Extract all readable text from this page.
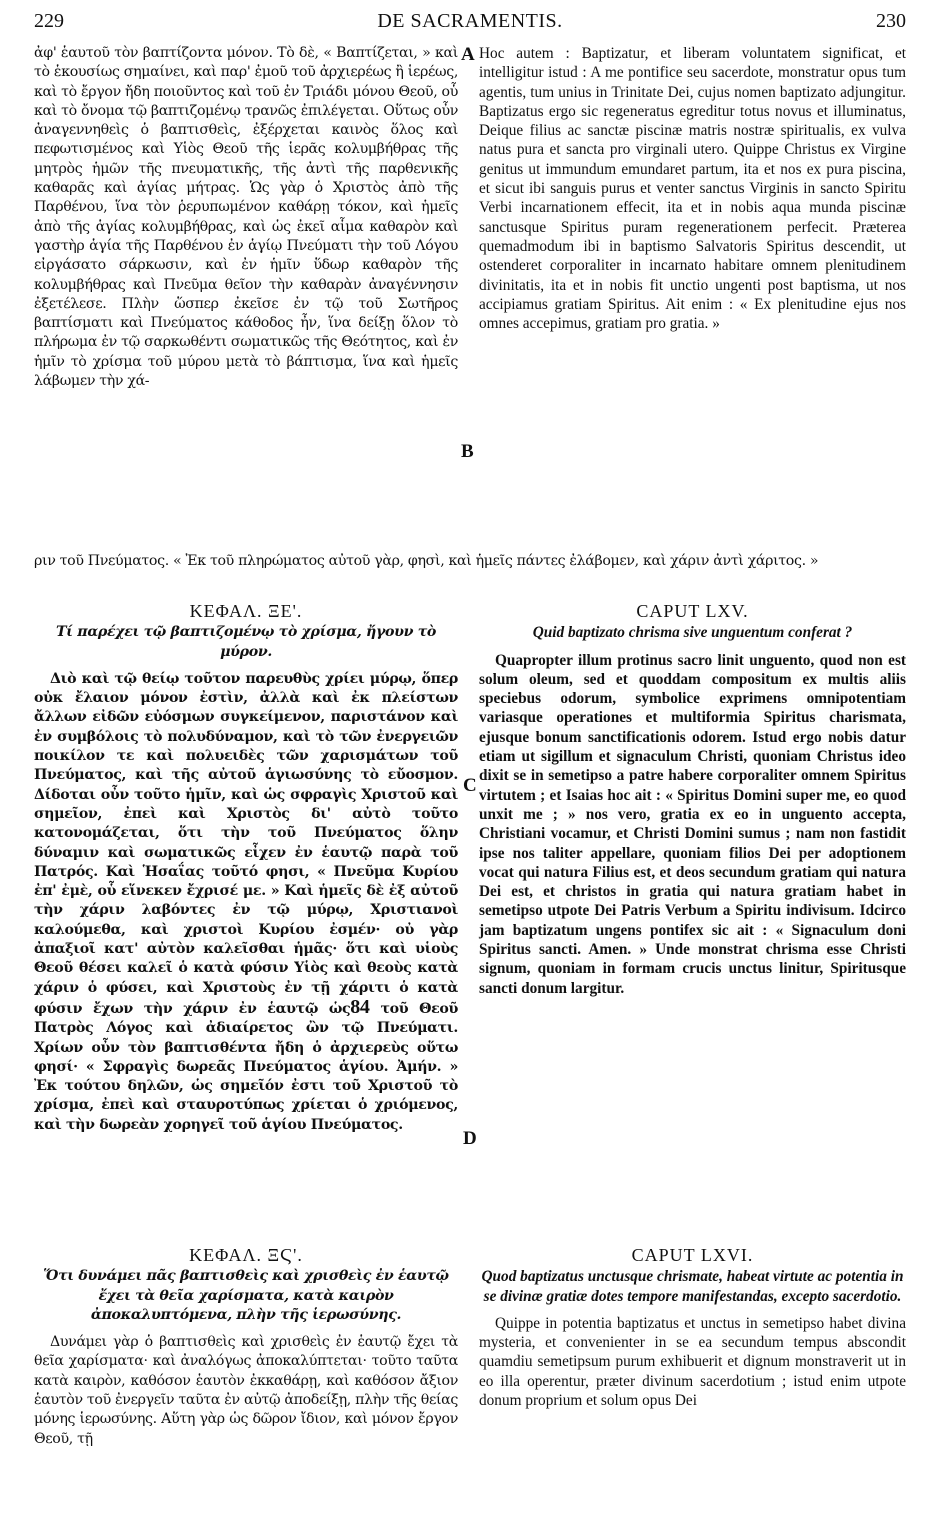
229	DE SACRAMENTIS.	230

ἀφ' ἑαυτοῦ τὸν βαπτίζοντα μόνον. Τὸ δὲ, « Βαπτίζεται, » καὶ τὸ ἑκουσίως σημαίνει, καὶ παρ' ἐμοῦ τοῦ ἀρχιερέως ἢ ἱερέως, καὶ τὸ ἔργον ἤδη ποιοῦντος καὶ τοῦ ἐν Τριάδι μόνου Θεοῦ, οὗ καὶ τὸ ὄνομα τῷ βαπτιζομένῳ τρανῶς ἐπιλέγεται. Οὕτως οὖν ἀναγεννηθεὶς ὁ βαπτισθεὶς, ἐξέρχεται καινὸς ὅλος καὶ πεφωτισμένος καὶ Υἱὸς Θεοῦ τῆς ἱερᾶς κολυμβήθρας τῆς μητρὸς ἡμῶν τῆς πνευματικῆς, τῆς ἀντὶ τῆς παρθενικῆς καθαρᾶς καὶ ἁγίας μήτρας. Ὡς γὰρ ὁ Χριστὸς ἀπὸ τῆς Παρθένου, ἵνα τὸν ῥερυπωμένον καθάρῃ τόκον, καὶ ἡμεῖς ἀπὸ τῆς ἁγίας κολυμβήθρας, καὶ ὡς ἐκεῖ αἷμα καθαρὸν καὶ γαστὴρ ἁγία τῆς Παρθένου ἐν ἁγίῳ Πνεύματι τὴν τοῦ Λόγου εἰργάσατο σάρκωσιν, καὶ ἐν ἡμῖν ὕδωρ καθαρὸν τῆς κολυμβήθρας καὶ Πνεῦμα θεῖον τὴν καθαρὰν ἀναγέννησιν ἐξετέλεσε. Πλὴν ὥσπερ ἐκεῖσε ἐν τῷ τοῦ Σωτῆρος βαπτίσματι καὶ Πνεύματος κάθοδος ἦν, ἵνα δείξῃ ὅλον τὸ πλήρωμα ἐν τῷ σαρκωθέντι σωματικῶς τῆς Θεότητος, καὶ ἐν ἡμῖν τὸ χρίσμα τοῦ μύρου μετὰ τὸ βάπτισμα, ἵνα καὶ ἡμεῖς λάβωμεν τὴν χά-

A Hoc autem : Baptizatur, et liberam voluntatem significat, et intelligitur istud : A me pontifice seu sacerdote, monstratur opus tum agentis, tum unius in Trinitate Dei, cujus nomen baptizato adjungitur. Baptizatus ergo sic regeneratus egreditur totus novus et illuminatus, Deique filius ac sanctæ piscinæ matris nostræ spiritualis, ex vulva natus pura et sancta pro virginali utero. Quippe Christus ex Virgine genitus ut immundum emundaret partum, ita et nos ex pura piscina, et sicut ibi sanguis purus et venter sanctus Virginis in sancto Spiritu Verbi incarnationem effecit, ita et in nobis aqua munda piscinæ sanctusque Spiritus puram regenerationem perfecit. Præterea quemadmodum ibi in baptismo Salvatoris Spiritus descendit, ut ostenderet corporaliter in incarnato habitare omnem plenitudinem divinitatis, ita et in nobis fit unctio ungenti post baptisma, ut nos accipiamus gratiam Spiritus. Ait enim : « Ex plenitudine ejus nos omnes accepimus, gratiam pro gratia. »

B

ριν τοῦ Πνεύματος. « Ἐκ τοῦ πληρώματος αὐτοῦ γὰρ, φησὶ, καὶ ἡμεῖς πάντες ἐλάβομεν, καὶ χάριν ἀντὶ χάριτος. »

ΚΕΦΑΛ. ΞΕ'.

Τί παρέχει τῷ βαπτιζομένῳ τὸ χρίσμα, ἤγουν τὸ μύρον.

Διὸ καὶ τῷ θείῳ τοῦτον παρευθὺς χρίει μύρῳ, ὅπερ οὐκ ἔλαιον μόνον ἐστὶν, ἀλλὰ καὶ ἐκ πλείστων ἄλλων εἰδῶν εὐόσμων συγκείμενον, παριστάνον καὶ ἐν συμβόλοις τὸ πολυδύναμον, καὶ τὸ τῶν ἐνεργειῶν ποικίλον τε καὶ πολυειδὲς τῶν χαρισμάτων τοῦ Πνεύματος, καὶ τῆς αὐτοῦ ἁγιωσύνης τὸ εὔοσμον. Δίδοται οὖν τοῦτο ἡμῖν, καὶ ὡς σφραγὶς Χριστοῦ καὶ σημεῖον, ἐπεὶ καὶ Χριστὸς δι' αὐτὸ τοῦτο κατονομάζεται, ὅτι τὴν τοῦ Πνεύματος ὅλην δύναμιν καὶ σωματικῶς εἶχεν ἐν ἑαυτῷ παρὰ τοῦ Πατρός. Καὶ Ἡσαΐας τοῦτό φησι, « Πνεῦμα Κυρίου ἐπ' ἐμὲ, οὗ εἵνεκεν ἔχρισέ με. » Καὶ ἡμεῖς δὲ ἐξ αὐτοῦ τὴν χάριν λαβόντες ἐν τῷ μύρῳ, Χριστιανοὶ καλούμεθα, καὶ χριστοὶ Κυρίου ἐσμέν· οὐ γὰρ ἀπαξιοῖ κατ' αὐτὸν καλεῖσθαι ἡμᾶς· ὅτι καὶ υἱοὺς Θεοῦ θέσει καλεῖ ὁ κατὰ φύσιν Υἱὸς καὶ θεοὺς κατὰ χάριν ὁ φύσει, καὶ Χριστοὺς ἐν τῇ χάριτι ὁ κατὰ φύσιν ἔχων τὴν χάριν ἐν ἑαυτῷ ὡς84 τοῦ Θεοῦ Πατρὸς Λόγος καὶ ἀδιαίρετος ὢν τῷ Πνεύματι. Χρίων οὖν τὸν βαπτισθέντα ἤδη ὁ ἀρχιερεὺς οὕτω φησί· « Σφραγὶς δωρεᾶς Πνεύματος ἁγίου. Ἀμήν. » Ἐκ τούτου δηλῶν, ὡς σημεῖόν ἐστι τοῦ Χριστοῦ τὸ χρίσμα, ἐπεὶ καὶ σταυροτύπως χρίεται ὁ χριόμενος, καὶ τὴν δωρεὰν χορηγεῖ τοῦ ἁγίου Πνεύματος.

C

CAPUT LXV.

Quid baptizato chrisma sive unguentum conferat ?

Quapropter illum protinus sacro linit unguento, quod non est solum oleum, sed et quoddam compositum ex multis aliis speciebus odorum, symbolice exprimens omnipotentiam variasque operationes et multiformia Spiritus charismata, ejusque bonum sanctificationis odorem. Istud ergo nobis datur etiam ut sigillum et signaculum Christi, quoniam Christus ideo dixit se in semetipso a patre habere corporaliter omnem Spiritus virtutem ; et Isaias hoc ait : « Spiritus Domini super me, eo quod unxit me ; » nos vero, gratia ex eo in unguento accepta, Christiani vocamur, et Christi Domini sumus ; nam non fastidit ipse nos taliter appellare, quoniam filios Dei per adoptionem vocat qui natura Filius est, et deos secundum gratiam qui natura Dei est, et christos in gratia qui natura gratiam habet in semetipso utpote Dei Patris Verbum a Spiritu indivisum. Idcirco jam baptizatum ungens pontifex sic ait : « Signaculum doni Spiritus sancti. Amen. » Unde monstrat chrisma esse Christi signum, quoniam in formam crucis unctus linitur, Spiritusque sancti donum largitur.

D

ΚΕΦΑΛ. ΞϚ'.

Ὅτι δυνάμει πᾶς βαπτισθεὶς καὶ χρισθεὶς ἐν ἑαυτῷ ἔχει τὰ θεῖα χαρίσματα, κατὰ καιρὸν ἀποκαλυπτόμενα, πλὴν τῆς ἱερωσύνης.

Δυνάμει γὰρ ὁ βαπτισθεὶς καὶ χρισθεὶς ἐν ἑαυτῷ ἔχει τὰ θεῖα χαρίσματα· καὶ ἀναλόγως ἀποκαλύπτεται· τοῦτο ταῦτα κατὰ καιρὸν, καθόσον ἑαυτὸν ἐκκαθάρῃ, καὶ καθόσον ἄξιον ἑαυτὸν τοῦ ἐνεργεῖν ταῦτα ἐν αὐτῷ ἀποδείξῃ, πλὴν τῆς θείας μόνης ἱερωσύνης. Αὕτη γὰρ ὡς δῶρον ἴδιον, καὶ μόνον ἔργον Θεοῦ, τῇ

CAPUT LXVI.

Quod baptizatus unctusque chrismate, habeat virtute ac potentia in se divinæ gratiæ dotes tempore manifestandas, excepto sacerdotio.

Quippe in potentia baptizatus et unctus in semetipso habet divina mysteria, et convenienter in se ea secundum tempus abscondit quamdiu semetipsum purum exhibuerit et dignum monstraverit ut in eo illa operentur, præter divinum sacerdotium ; istud enim utpote donum proprium et solum opus Dei
